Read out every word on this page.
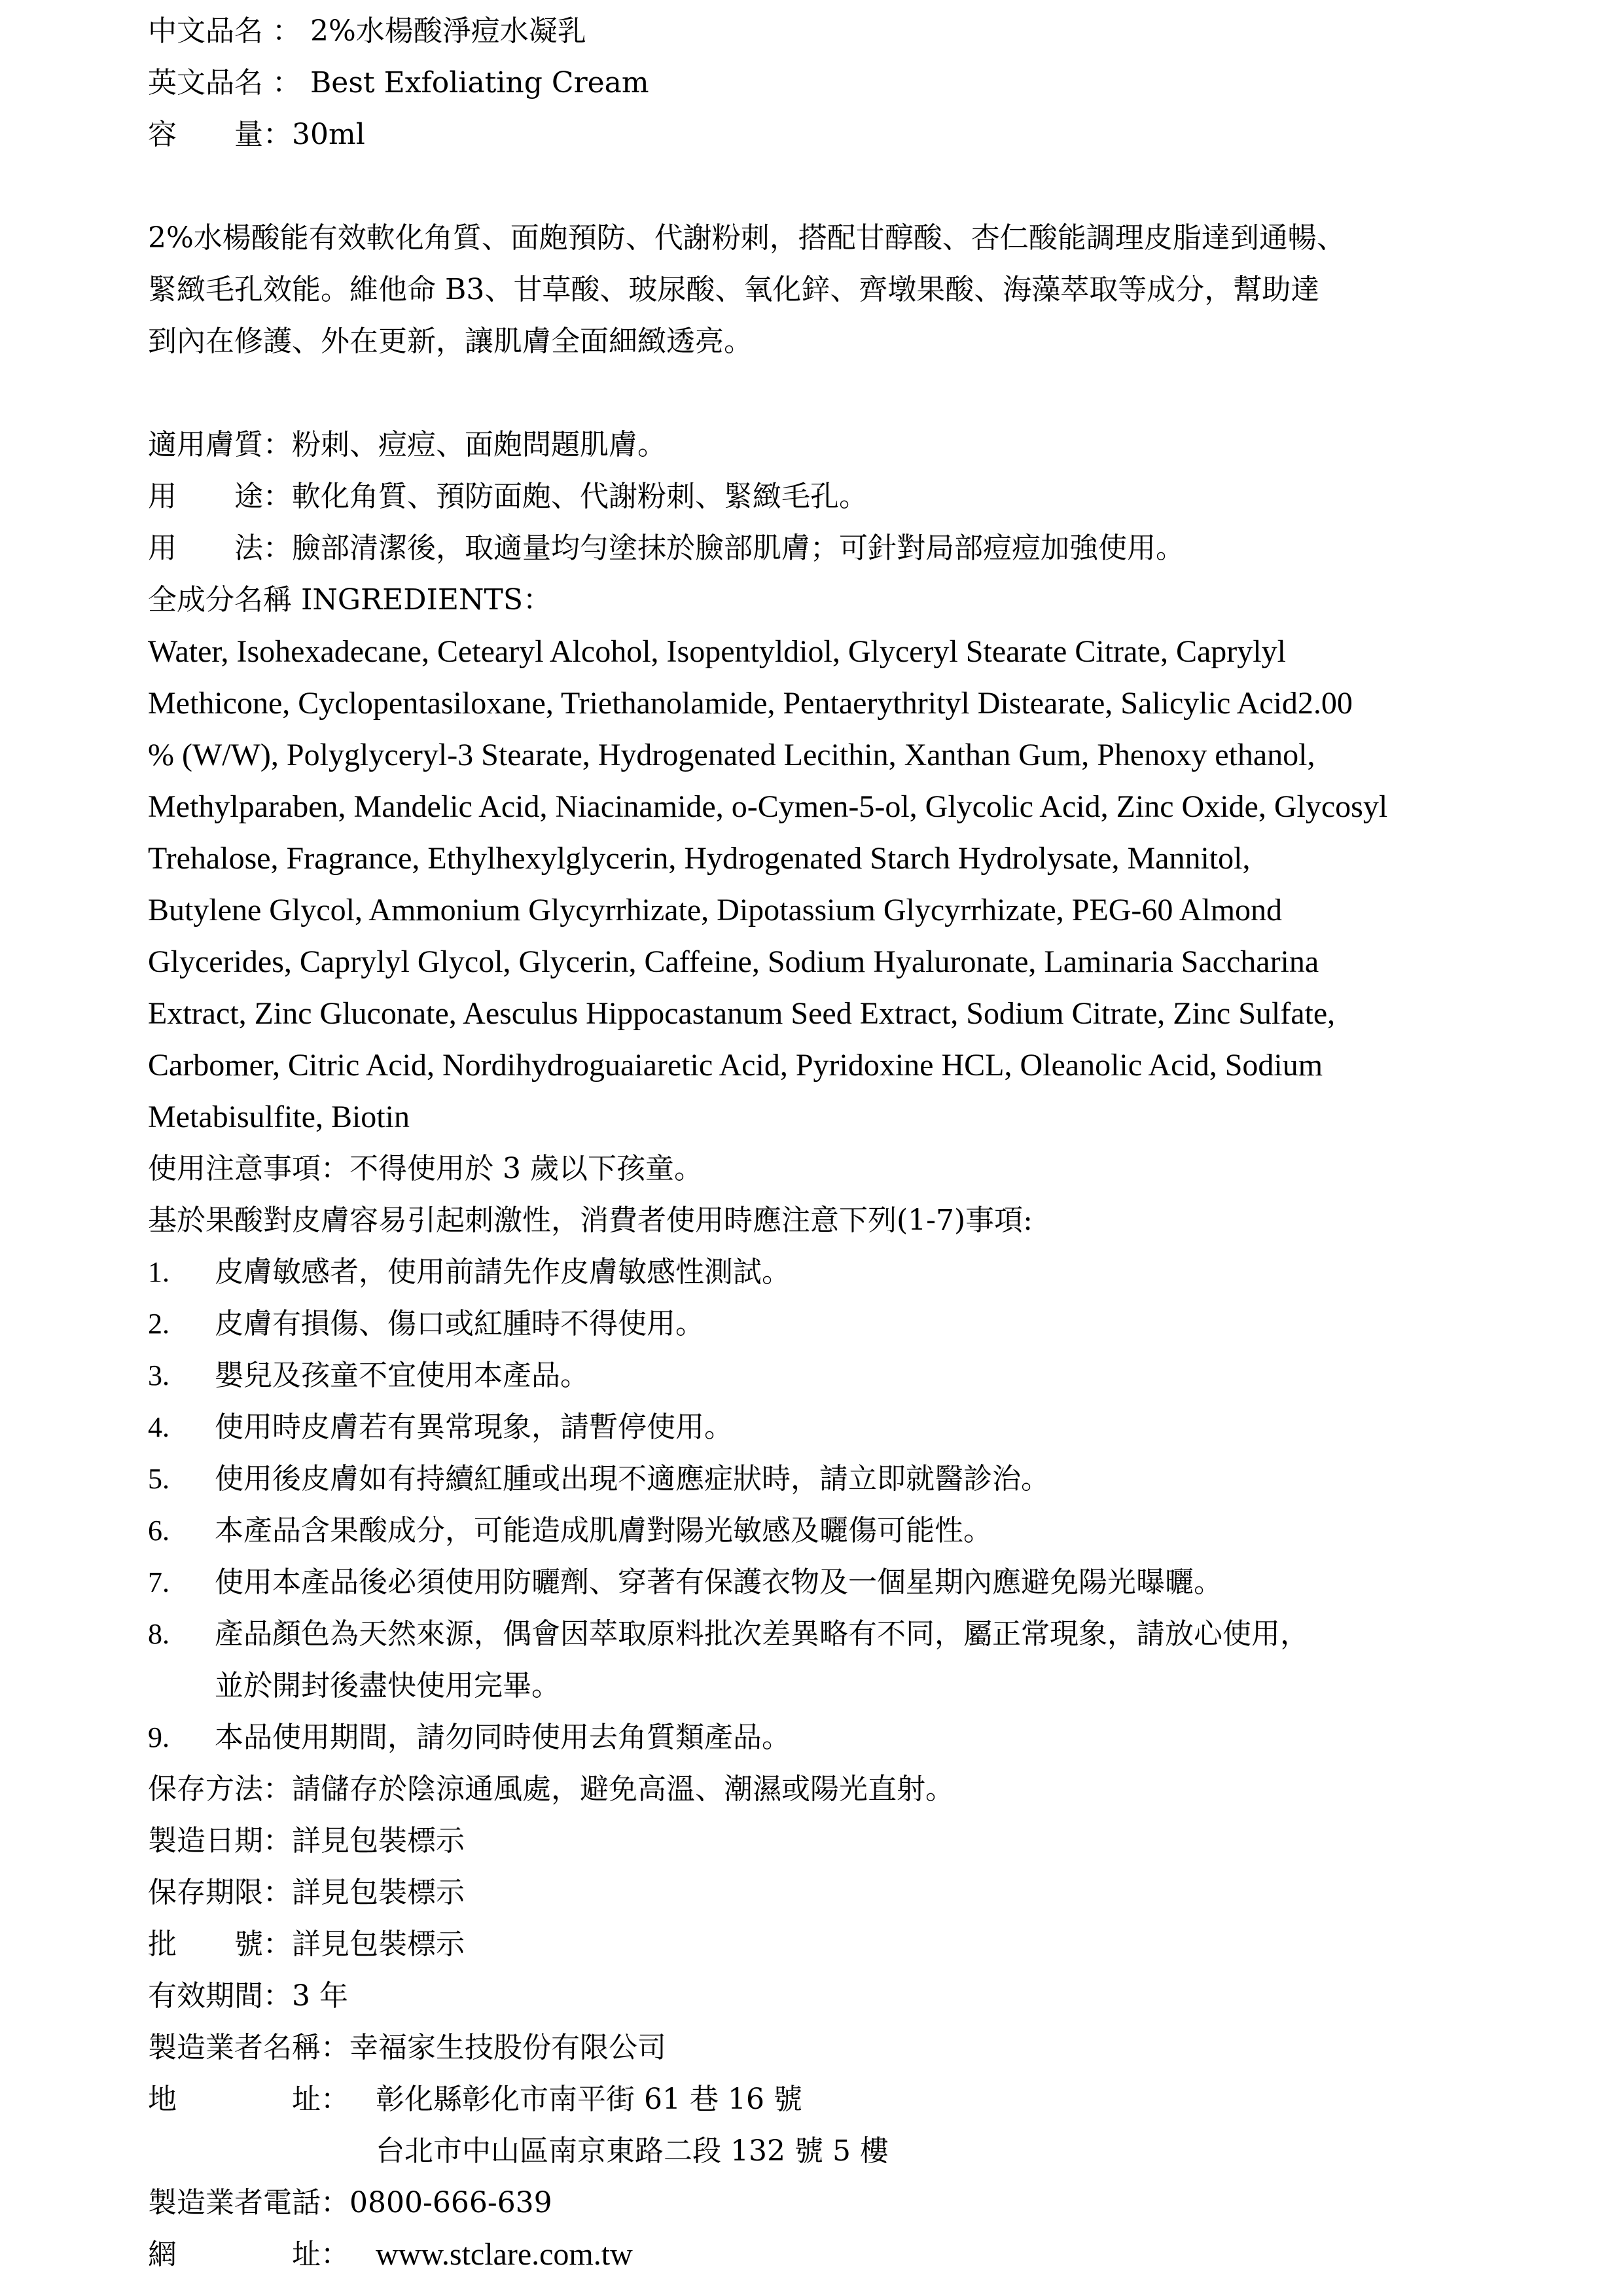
中文品名 ： 2%水楊酸淨痘水凝乳
英文品名 ： Best Exfoliating Cream
容　　量：30ml
2%水楊酸能有效軟化角質、面皰預防、代謝粉刺，搭配甘醇酸、杏仁酸能調理皮脂達到通暢、
緊緻毛孔效能。維他命 B3、甘草酸、玻尿酸、氧化鋅、齊墩果酸、海藻萃取等成分，幫助達
到內在修護、外在更新，讓肌膚全面細緻透亮。
適用膚質：粉刺、痘痘、面皰問題肌膚。
用　　途：軟化角質、預防面皰、代謝粉刺、緊緻毛孔。
用　　法：臉部清潔後，取適量均勻塗抹於臉部肌膚；可針對局部痘痘加強使用。
全成分名稱 INGREDIENTS：
Water, Isohexadecane, Cetearyl Alcohol, Isopentyldiol, Glyceryl Stearate Citrate, Caprylyl
Methicone, Cyclopentasiloxane, Triethanolamide, Pentaerythrityl Distearate, Salicylic Acid2.00
% (W/W), Polyglyceryl-3 Stearate, Hydrogenated Lecithin, Xanthan Gum, Phenoxy ethanol,
Methylparaben, Mandelic Acid, Niacinamide, o-Cymen-5-ol, Glycolic Acid, Zinc Oxide, Glycosyl
Trehalose, Fragrance, Ethylhexylglycerin, Hydrogenated Starch Hydrolysate, Mannitol,
Butylene Glycol, Ammonium Glycyrrhizate, Dipotassium Glycyrrhizate, PEG-60 Almond
Glycerides, Caprylyl Glycol, Glycerin, Caffeine, Sodium Hyaluronate, Laminaria Saccharina
Extract, Zinc Gluconate, Aesculus Hippocastanum Seed Extract, Sodium Citrate, Zinc Sulfate,
Carbomer, Citric Acid, Nordihydroguaiaretic Acid, Pyridoxine HCL, Oleanolic Acid, Sodium
Metabisulfite, Biotin
使用注意事項：不得使用於 3 歲以下孩童。
基於果酸對皮膚容易引起刺激性，消費者使用時應注意下列(1-7)事項:
1. 皮膚敏感者，使用前請先作皮膚敏感性測試。
2. 皮膚有損傷、傷口或紅腫時不得使用。
3. 嬰兒及孩童不宜使用本產品。
4. 使用時皮膚若有異常現象，請暫停使用。
5. 使用後皮膚如有持續紅腫或出現不適應症狀時，請立即就醫診治。
6. 本產品含果酸成分，可能造成肌膚對陽光敏感及曬傷可能性。
7. 使用本產品後必須使用防曬劑、穿著有保護衣物及一個星期內應避免陽光曝曬。
8. 產品顏色為天然來源，偶會因萃取原料批次差異略有不同，屬正常現象，請放心使用，
並於開封後盡快使用完畢。
9. 本品使用期間，請勿同時使用去角質類產品。
保存方法：請儲存於陰涼通風處，避免高溫、潮濕或陽光直射。
製造日期：詳見包裝標示
保存期限：詳見包裝標示
批　　號：詳見包裝標示
有效期間：3 年
製造業者名稱：幸福家生技股份有限公司
地　　　　址： 彰化縣彰化市南平街 61 巷 16 號
台北市中山區南京東路二段 132 號 5 樓
製造業者電話：0800-666-639
網　　　　址： www.stclare.com.tw
